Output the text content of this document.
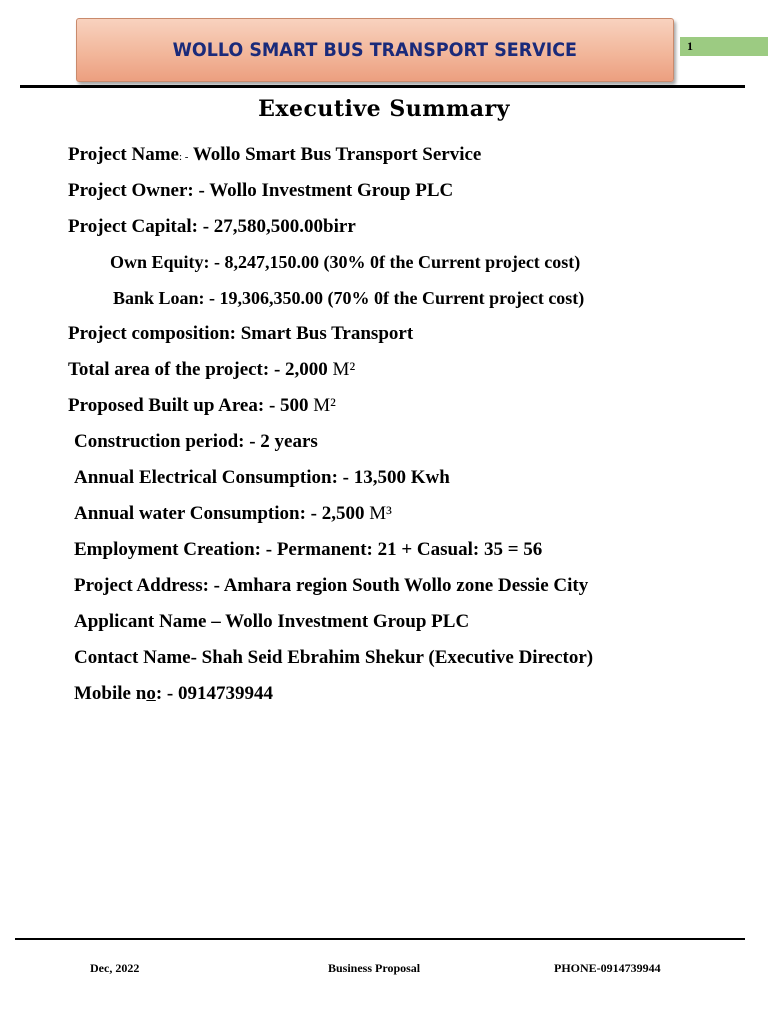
WOLLO SMART BUS TRANSPORT SERVICE	1
Executive Summary
Project Name: - Wollo Smart Bus Transport Service
Project Owner: - Wollo Investment Group PLC
Project Capital: - 27,580,500.00birr
Own Equity: - 8,247,150.00 (30% 0f the Current project cost)
Bank Loan: - 19,306,350.00 (70% 0f the Current project cost)
Project composition: Smart Bus Transport
Total area of the project: - 2,000 M²
Proposed Built up Area: - 500 M²
Construction period: - 2 years
Annual Electrical Consumption: - 13,500 Kwh
Annual water Consumption: - 2,500 M³
Employment Creation: - Permanent: 21 + Casual: 35 = 56
Project Address: - Amhara region South Wollo zone Dessie City
Applicant Name – Wollo Investment Group PLC
Contact Name- Shah Seid Ebrahim Shekur (Executive Director)
Mobile no: - 0914739944
Dec, 2022	Business Proposal	PHONE-0914739944
